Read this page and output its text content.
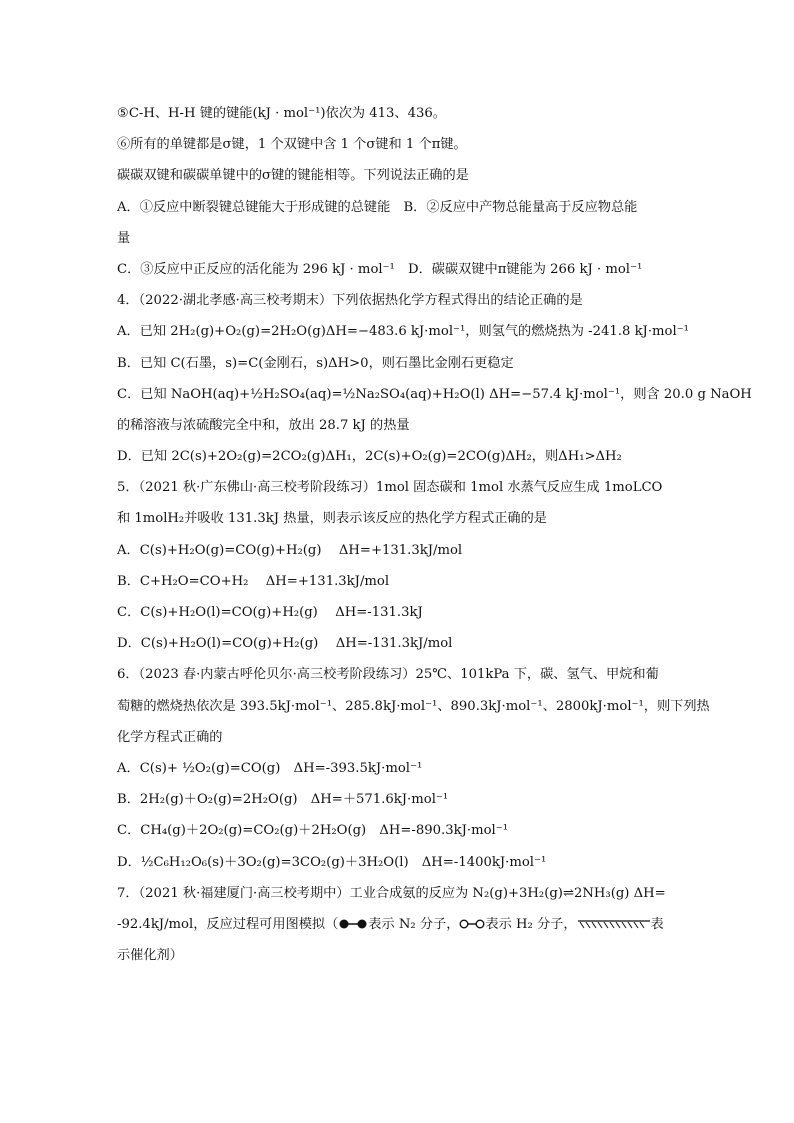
⑤C-H、H-H 键的键能(kJ · mol⁻¹)依次为 413、436。
⑥所有的单键都是σ键，1 个双键中含 1 个σ键和 1 个π键。
碳碳双键和碳碳单键中的σ键的键能相等。下列说法正确的是
A．①反应中断裂键总键能大于形成键的总键能　B．②反应中产物总能量高于反应物总能
量
C．③反应中正反应的活化能为 296 kJ · mol⁻¹　D．碳碳双键中π键能为 266 kJ · mol⁻¹
4．（2022·湖北孝感·高三校考期末）下列依据热化学方程式得出的结论正确的是
A．已知 2H₂(g)+O₂(g)=2H₂O(g)ΔH=−483.6 kJ·mol⁻¹，则氢气的燃烧热为 -241.8 kJ·mol⁻¹
B．已知 C(石墨，s)=C(金刚石，s)ΔH>0，则石墨比金刚石更稳定
C．已知 NaOH(aq)+½H₂SO₄(aq)=½Na₂SO₄(aq)+H₂O(l) ΔH=−57.4 kJ·mol⁻¹，则含 20.0 g NaOH
的稀溶液与浓硫酸完全中和，放出 28.7 kJ 的热量
D．已知 2C(s)+2O₂(g)=2CO₂(g)ΔH₁，2C(s)+O₂(g)=2CO(g)ΔH₂，则ΔH₁>ΔH₂
5．（2021 秋·广东佛山·高三校考阶段练习）1mol 固态碳和 1mol 水蒸气反应生成 1moLCO
和 1molH₂并吸收 131.3kJ 热量，则表示该反应的热化学方程式正确的是
A．C(s)+H₂O(g)=CO(g)+H₂(g)　 ΔH=+131.3kJ/mol
B．C+H₂O=CO+H₂　 ΔH=+131.3kJ/mol
C．C(s)+H₂O(l)=CO(g)+H₂(g)　 ΔH=-131.3kJ
D．C(s)+H₂O(l)=CO(g)+H₂(g)　 ΔH=-131.3kJ/mol
6．（2023 春·内蒙古呼伦贝尔·高三校考阶段练习）25℃、101kPa 下，碳、氢气、甲烷和葡
萄糖的燃烧热依次是 393.5kJ·mol⁻¹、285.8kJ·mol⁻¹、890.3kJ·mol⁻¹、2800kJ·mol⁻¹，则下列热
化学方程式正确的
A．C(s)+ ½O₂(g)=CO(g)　ΔH=-393.5kJ·mol⁻¹
B．2H₂(g)＋O₂(g)=2H₂O(g)　ΔH=＋571.6kJ·mol⁻¹
C．CH₄(g)＋2O₂(g)=CO₂(g)＋2H₂O(g)　ΔH=-890.3kJ·mol⁻¹
D．½C₆H₁₂O₆(s)＋3O₂(g)=3CO₂(g)＋3H₂O(l)　ΔH=-1400kJ·mol⁻¹
7．（2021 秋·福建厦门·高三校考期中）工业合成氨的反应为 N₂(g)+3H₂(g)⇌2NH₃(g) ΔH=
-92.4kJ/mol，反应过程可用图模拟（ 表示 N₂ 分子， 表示 H₂ 分子，	表
示催化剂）
